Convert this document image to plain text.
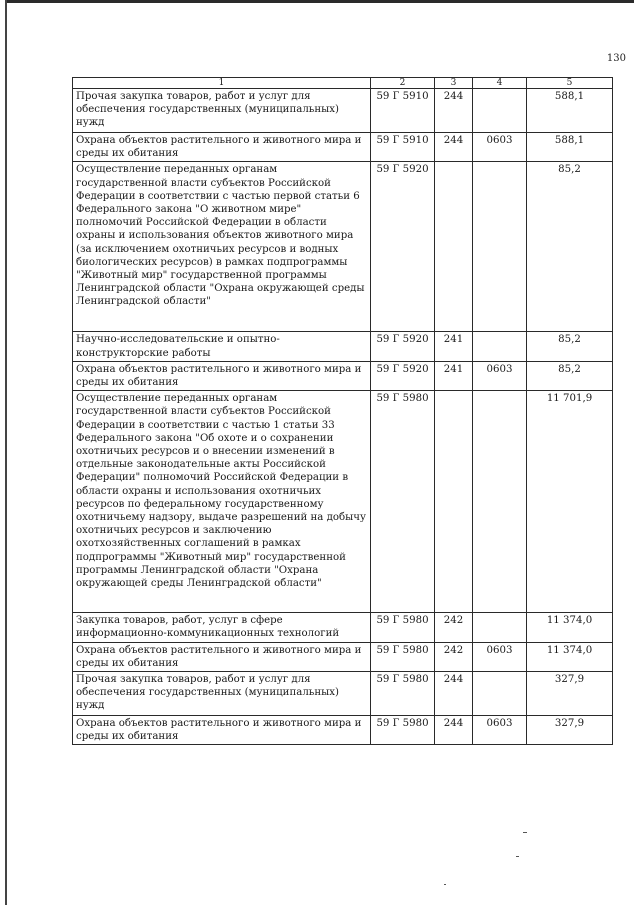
130
1	2	3	4	5
Прочая закупка товаров, работ и услуг для обеспечения государственных (муниципальных) нужд	59 Г 5910	244		588,1
Охрана объектов растительного и животного мира и среды их обитания	59 Г 5910	244	0603	588,1
Осуществление переданных органам государственной власти субъектов Российской Федерации в соответствии с частью первой статьи 6 Федерального закона "О животном мире" полномочий Российской Федерации в области охраны и использования объектов животного мира (за исключением охотничьих ресурсов и водных биологических ресурсов) в рамках подпрограммы "Животный мир" государственной программы Ленинградской области "Охрана окружающей среды Ленинградской области"	59 Г 5920			85,2
Научно-исследовательские и опытно-конструкторские работы	59 Г 5920	241		85,2
Охрана объектов растительного и животного мира и среды их обитания	59 Г 5920	241	0603	85,2
Осуществление переданных органам государственной власти субъектов Российской Федерации в соответствии с частью 1 статьи 33 Федерального закона "Об охоте и о сохранении охотничьих ресурсов и о внесении изменений в отдельные законодательные акты Российской Федерации" полномочий Российской Федерации в области охраны и использования охотничьих ресурсов по федеральному государственному охотничьему надзору, выдаче разрешений на добычу охотничьих ресурсов и заключению охотхозяйственных соглашений в рамках подпрограммы "Животный мир" государственной программы Ленинградской области "Охрана окружающей среды Ленинградской области"	59 Г 5980			11 701,9
Закупка товаров, работ, услуг в сфере информационно-коммуникационных технологий	59 Г 5980	242		11 374,0
Охрана объектов растительного и животного мира и среды их обитания	59 Г 5980	242	0603	11 374,0
Прочая закупка товаров, работ и услуг для обеспечения государственных (муниципальных) нужд	59 Г 5980	244		327,9
Охрана объектов растительного и животного мира и среды их обитания	59 Г 5980	244	0603	327,9
